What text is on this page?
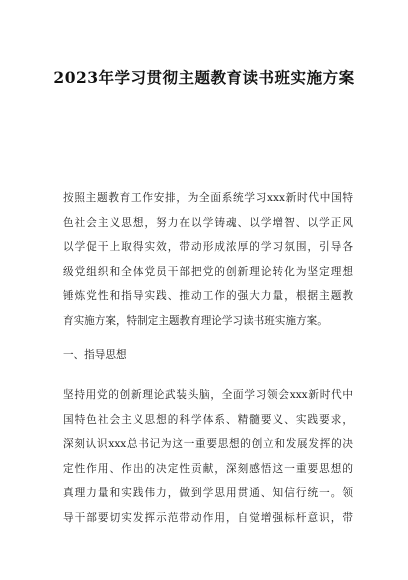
2023年学习贯彻主题教育读书班实施方案
按照主题教育工作安排，为全面系统学习xxx新时代中国特
色社会主义思想，努力在以学铸魂、以学增智、以学正风
以学促干上取得实效，带动形成浓厚的学习氛围，引导各
级党组织和全体党员干部把党的创新理论转化为坚定理想
锤炼党性和指导实践、推动工作的强大力量，根据主题教
育实施方案，特制定主题教育理论学习读书班实施方案。
一、指导思想
坚持用党的创新理论武装头脑，全面学习领会xxx新时代中
国特色社会主义思想的科学体系、精髓要义、实践要求，
深刻认识xxx总书记为这一重要思想的创立和发展发挥的决
定性作用、作出的决定性贡献，深刻感悟这一重要思想的
真理力量和实践伟力，做到学思用贯通、知信行统一。领
导干部要切实发挥示范带动作用，自觉增强标杆意识，带
